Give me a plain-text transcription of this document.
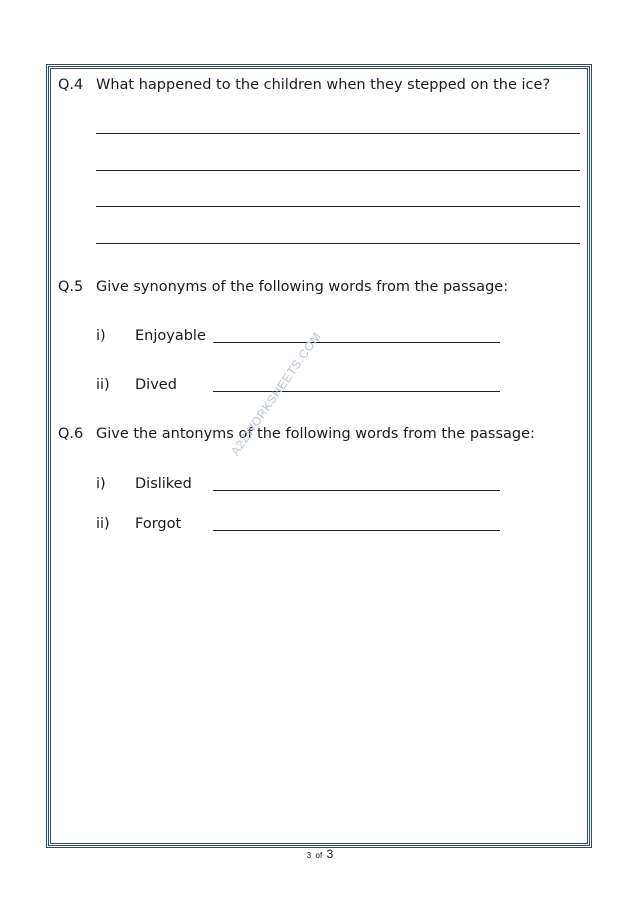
Q.4 What happened to the children when they stepped on the ice?
Q.5 Give synonyms of the following words from the passage:
i) Enjoyable
ii) Dived
Q.6 Give the antonyms of the following words from the passage:
i) Disliked
ii) Forgot
A2ZWORKSHEETS.COM
3 of 3
